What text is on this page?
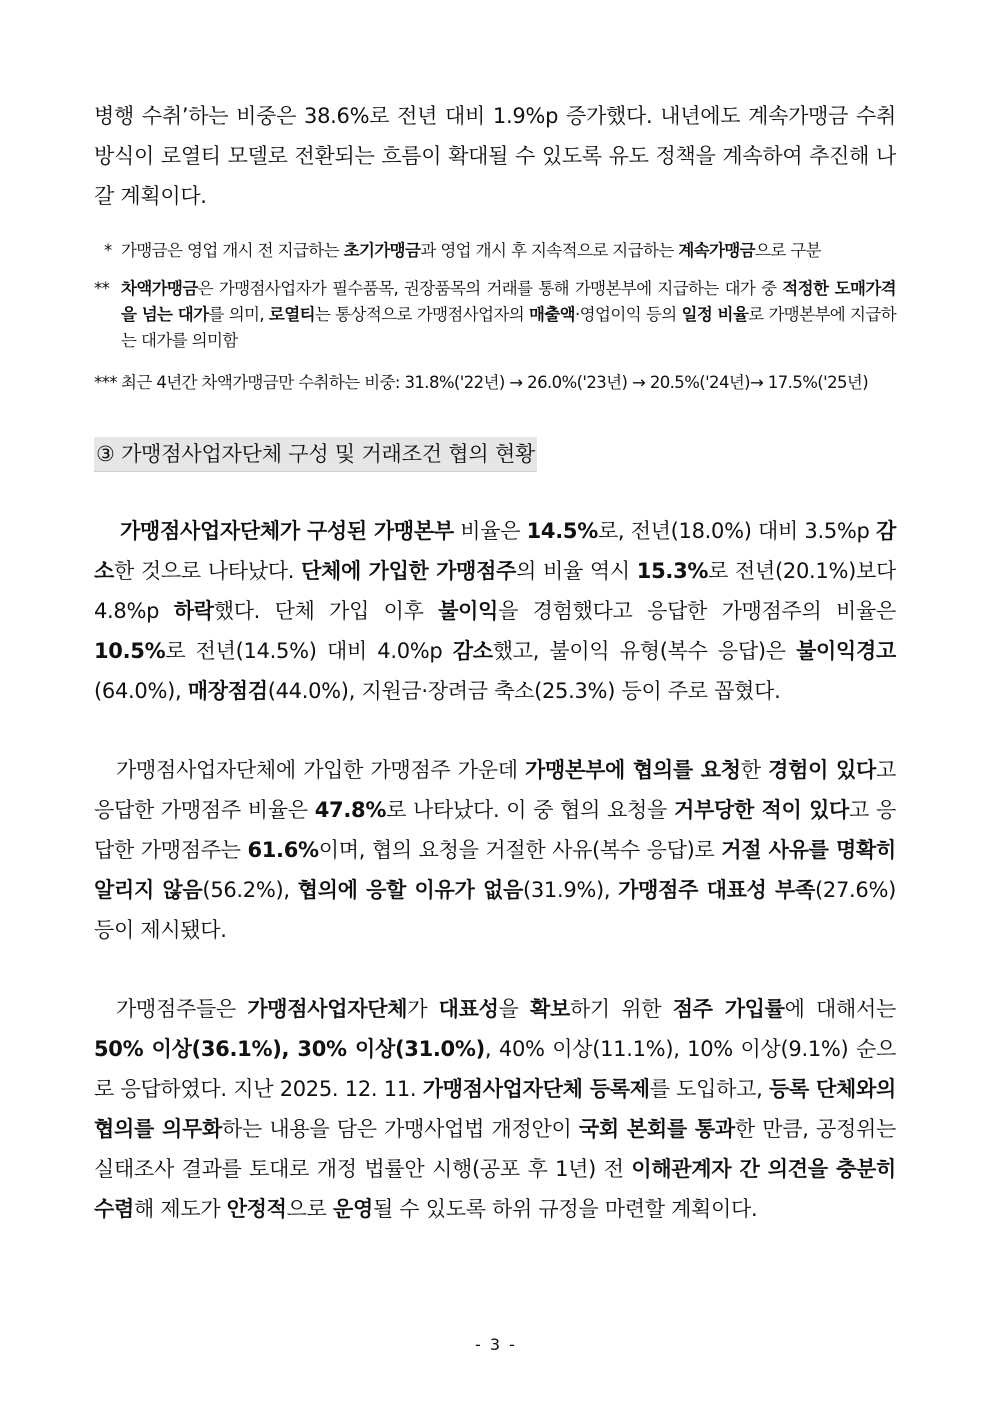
병행 수취’하는 비중은 38.6%로 전년 대비 1.9%p 증가했다. 내년에도 계속가맹금 수취방식이 로열티 모델로 전환되는 흐름이 확대될 수 있도록 유도 정책을 계속하여 추진해 나갈 계획이다.

* 가맹금은 영업 개시 전 지급하는 초기가맹금과 영업 개시 후 지속적으로 지급하는 계속가맹금으로 구분

** 차액가맹금은 가맹점사업자가 필수품목, 권장품목의 거래를 통해 가맹본부에 지급하는 대가 중 적정한 도매가격을 넘는 대가를 의미, 로열티는 통상적으로 가맹점사업자의 매출액·영업이익 등의 일정 비율로 가맹본부에 지급하는 대가를 의미함

*** 최근 4년간 차액가맹금만 수취하는 비중: 31.8%('22년) → 26.0%('23년) → 20.5%('24년)→ 17.5%('25년)

③ 가맹점사업자단체 구성 및 거래조건 협의 현황

가맹점사업자단체가 구성된 가맹본부 비율은 14.5%로, 전년(18.0%) 대비 3.5%p 감소한 것으로 나타났다. 단체에 가입한 가맹점주의 비율 역시 15.3%로 전년(20.1%)보다 4.8%p 하락했다. 단체 가입 이후 불이익을 경험했다고 응답한 가맹점주의 비율은 10.5%로 전년(14.5%) 대비 4.0%p 감소했고, 불이익 유형(복수 응답)은 불이익경고(64.0%), 매장점검(44.0%), 지원금·장려금 축소(25.3%) 등이 주로 꼽혔다.

가맹점사업자단체에 가입한 가맹점주 가운데 가맹본부에 협의를 요청한 경험이 있다고 응답한 가맹점주 비율은 47.8%로 나타났다. 이 중 협의 요청을 거부당한 적이 있다고 응답한 가맹점주는 61.6%이며, 협의 요청을 거절한 사유(복수 응답)로 거절 사유를 명확히 알리지 않음(56.2%), 협의에 응할 이유가 없음(31.9%), 가맹점주 대표성 부족(27.6%) 등이 제시됐다.

가맹점주들은 가맹점사업자단체가 대표성을 확보하기 위한 점주 가입률에 대해서는 50% 이상(36.1%), 30% 이상(31.0%), 40% 이상(11.1%), 10% 이상(9.1%) 순으로 응답하였다. 지난 2025. 12. 11. 가맹점사업자단체 등록제를 도입하고, 등록 단체와의 협의를 의무화하는 내용을 담은 가맹사업법 개정안이 국회 본회를 통과한 만큼, 공정위는 실태조사 결과를 토대로 개정 법률안 시행(공포 후 1년) 전 이해관계자 간 의견을 충분히 수렴해 제도가 안정적으로 운영될 수 있도록 하위 규정을 마련할 계획이다.

- 3 -
